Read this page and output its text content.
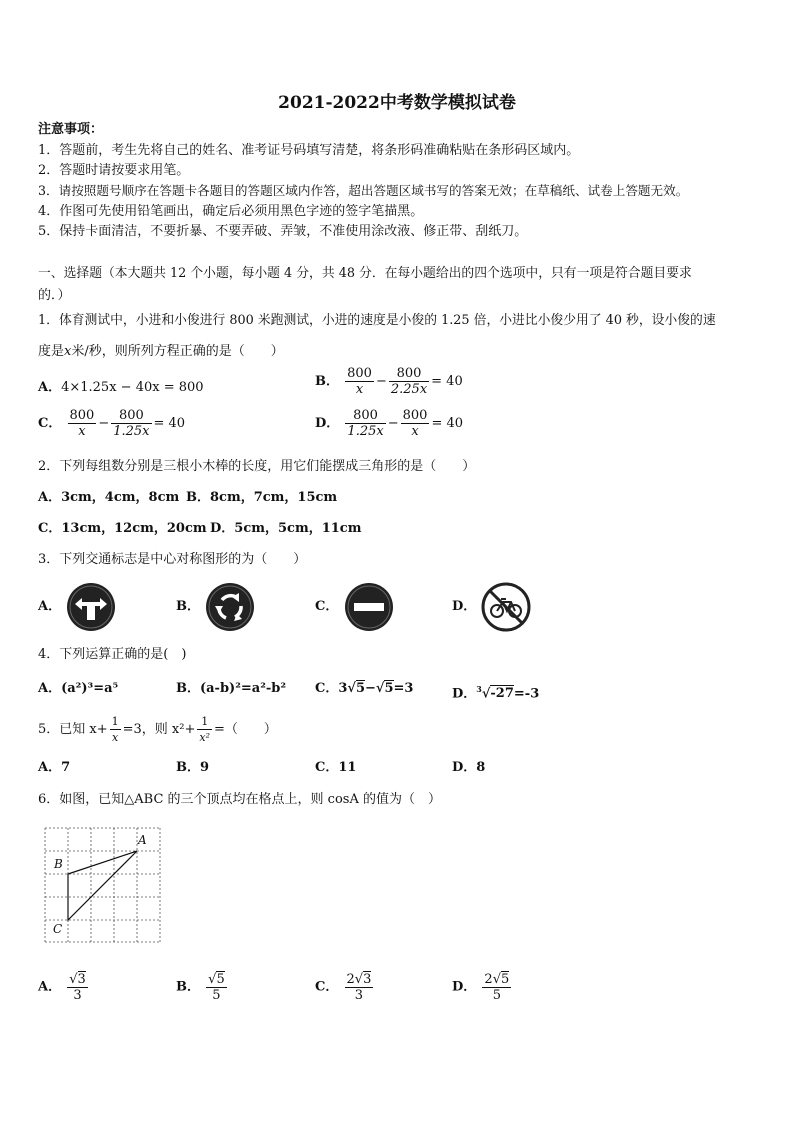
2021-2022中考数学模拟试卷
注意事项：
1．答题前，考生先将自己的姓名、准考证号码填写清楚，将条形码准确粘贴在条形码区域内。
2．答题时请按要求用笔。
3．请按照题号顺序在答题卡各题目的答题区域内作答，超出答题区域书写的答案无效；在草稿纸、试卷上答题无效。
4．作图可先使用铅笔画出，确定后必须用黑色字迹的签字笔描黑。
5．保持卡面清洁，不要折暴、不要弄破、弄皱，不准使用涂改液、修正带、刮纸刀。
一、选择题（本大题共 12 个小题，每小题 4 分，共 48 分．在每小题给出的四个选项中，只有一项是符合题目要求
的．）
1．体育测试中，小进和小俊进行 800 米跑测试，小进的速度是小俊的 1.25 倍，小进比小俊少用了 40 秒，设小俊的速
度是x米/秒，则所列方程正确的是（　　）
A．4×1.25x − 40x = 800	B． $\frac{800}{x} - \frac{800}{2.25x} = 40$
C． $\frac{800}{x} - \frac{800}{1.25x} = 40$	D． $\frac{800}{1.25x} - \frac{800}{x} = 40$
2．下列每组数分别是三根小木棒的长度，用它们能摆成三角形的是（　　）
A．3cm，4cm，8cm B．8cm，7cm，15cm
C．13cm，12cm，20cm D．5cm，5cm，11cm
3．下列交通标志是中心对称图形的为（　　）
A．	B．	C．	D．
4．下列运算正确的是(　)
A．(a²)³=a⁵	B．(a-b)²=a²-b² C．3√5−√5=3	D．$^3$√-27=-3
5．已知 $x+ \frac{1}{x} =3$，则 $x^2+ \frac{1}{\text{x²}}$ =（　　）
A．7	B．9	C．11	D．8
6．如图，已知△ABC 的三个顶点均在格点上，则 cosA 的值为（　）
A
B
C
A． $\frac{√3}{3}$	B． $\frac{√5}{5}$	C． $\frac{2√3}{3}$	D． $\frac{2√5}{5}$
